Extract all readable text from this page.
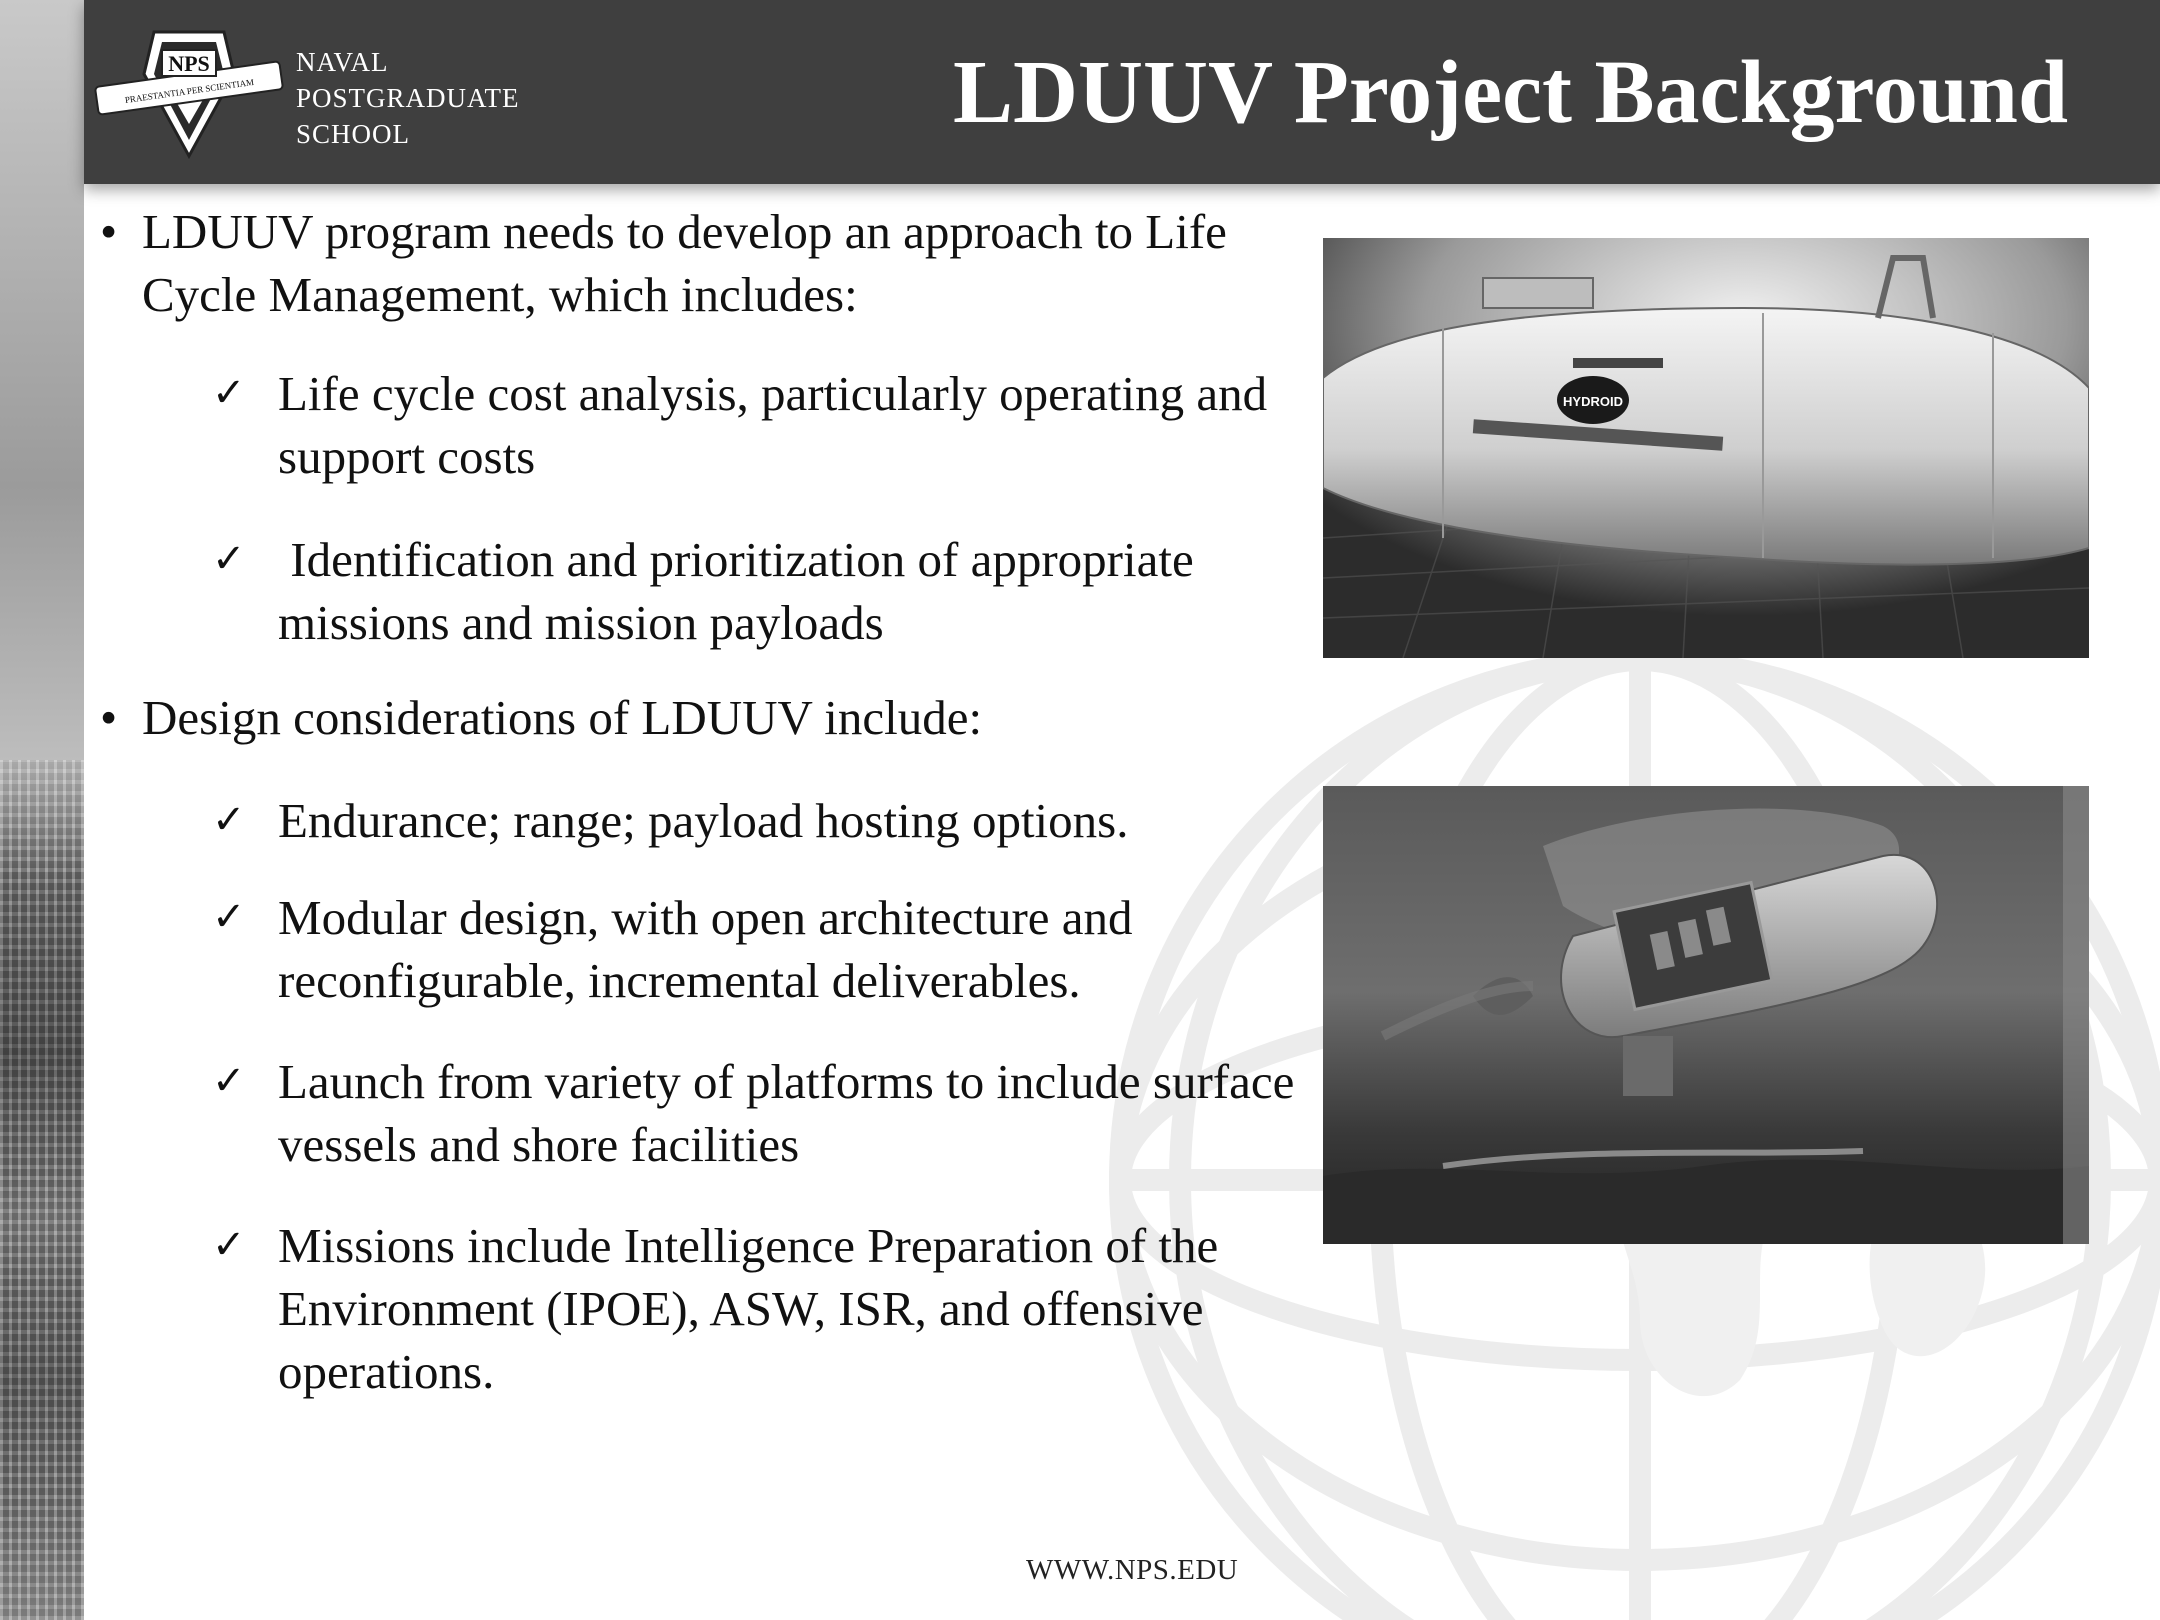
NPS
PRAESTANTIA PER SCIENTIAM
NAVAL
POSTGRADUATE
SCHOOL	LDUUV Project Background

• LDUUV program needs to develop an approach to Life Cycle Management, which includes:

✓ Life cycle cost analysis, particularly operating and support costs

✓ Identification and prioritization of appropriate missions and mission payloads

• Design considerations of LDUUV include:

✓ Endurance; range; payload hosting options.

✓ Modular design, with open architecture and reconfigurable, incremental deliverables.

✓ Launch from variety of platforms to include surface vessels and shore facilities

✓ Missions include Intelligence Preparation of the Environment (IPOE), ASW, ISR, and offensive operations.

HYDROID
WWW.NPS.EDU
